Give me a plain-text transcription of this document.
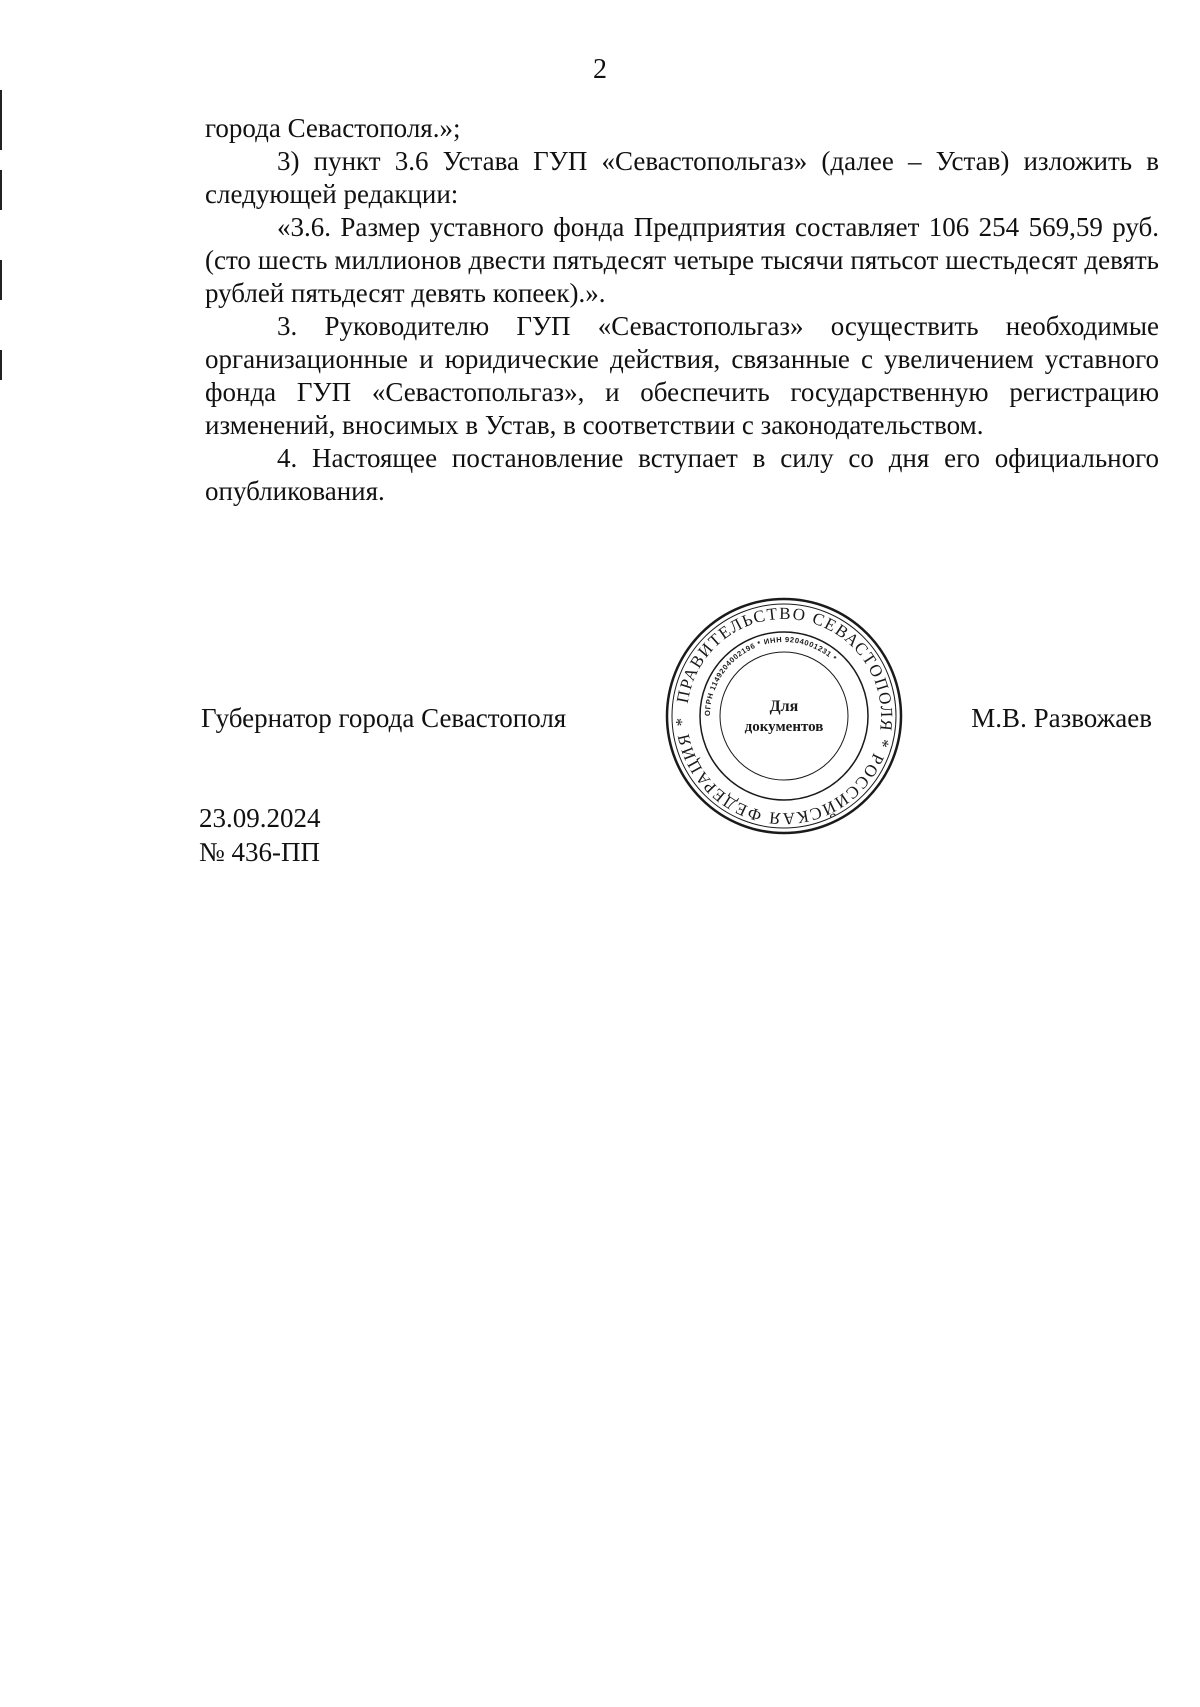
2

города Севастополя.»;

3) пункт 3.6 Устава ГУП «Севастопольгаз» (далее – Устав) изложить в следующей редакции:

«3.6. Размер уставного фонда Предприятия составляет 106 254 569,59 руб. (сто шесть миллионов двести пятьдесят четыре тысячи пятьсот шестьдесят девять рублей пятьдесят девять копеек).».

3. Руководителю ГУП «Севастопольгаз» осуществить необходимые организационные и юридические действия, связанные с увеличением уставного фонда ГУП «Севастопольгаз», и обеспечить государственную регистрацию изменений, вносимых в Устав, в соответствии с законодательством.

4. Настоящее постановление вступает в силу со дня его официального опубликования.

Губернатор города Севастополя
ПРАВИТЕЛЬСТВО СЕВАСТОПОЛЯ * РОССИЙСКАЯ ФЕДЕРАЦИЯ *
ОГРН 1149204002196 * ИНН 9204001231 *
Для
документов	М.В. Развожаев
23.09.2024
№ 436-ПП
